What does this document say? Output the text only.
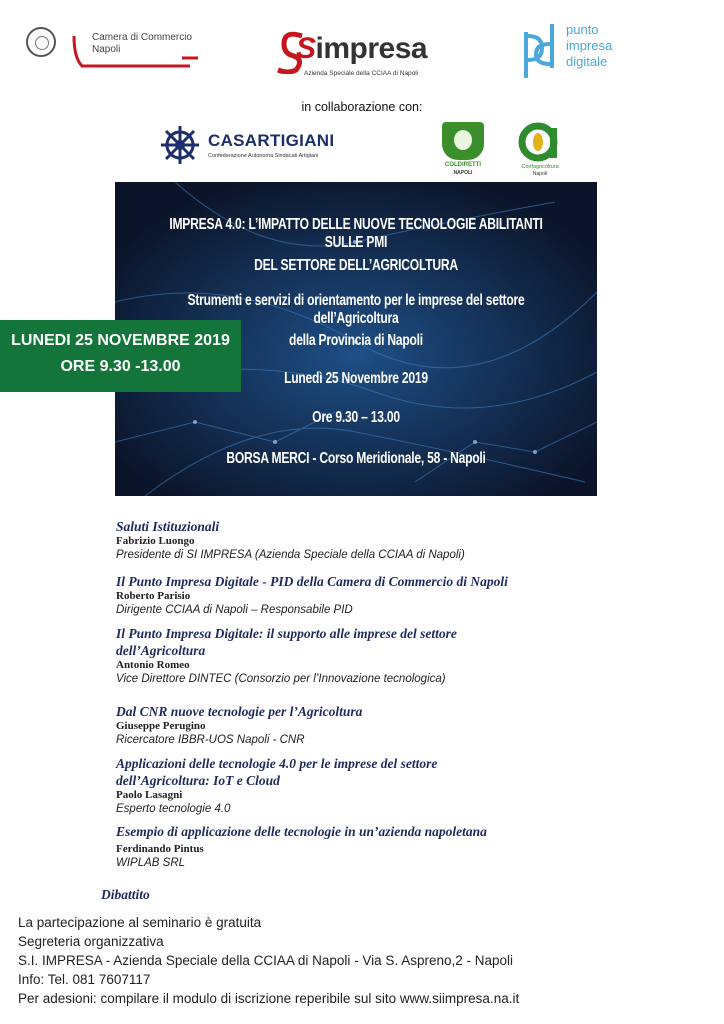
Camera di Commercio
Napoli	Simpresa
Azienda Speciale della CCIAA di Napoli
punto
impresa
digitale
in collaborazione con:
CASARTIGIANI
Confederazione Autonoma Sindacati Artigiani
COLDIRETTI
NAPOLI
Confagricoltura
Napoli
IMPRESA 4.0: L’IMPATTO DELLE NUOVE TECNOLOGIE ABILITANTI SULLE PMI
DEL SETTORE DELL’AGRICOLTURA
Strumenti e servizi di orientamento per le imprese del settore dell’Agricoltura
della Provincia di Napoli
Lunedì 25 Novembre 2019
Ore 9.30 – 13.00
BORSA MERCI - Corso Meridionale, 58 - Napoli
LUNEDI 25 NOVEMBRE 2019
ORE 9.30 -13.00
Saluti Istituzionali
Fabrizio Luongo
Presidente di SI IMPRESA (Azienda Speciale della CCIAA di Napoli)
Il Punto Impresa Digitale - PID della Camera di Commercio di Napoli
Roberto Parisio
Dirigente CCIAA di Napoli – Responsabile PID
Il Punto Impresa Digitale: il supporto alle imprese del settore
dell’Agricoltura
Antonio Romeo
Vice Direttore DINTEC (Consorzio per l’Innovazione tecnologica)
Dal CNR nuove tecnologie per l’Agricoltura
Giuseppe Perugino
Ricercatore IBBR-UOS Napoli - CNR
Applicazioni delle tecnologie 4.0 per le imprese del settore
dell’Agricoltura: IoT e Cloud
Paolo Lasagni
Esperto tecnologie 4.0
Esempio di applicazione delle tecnologie in un’azienda napoletana
Ferdinando Pintus
WIPLAB SRL
Dibattito
La partecipazione al seminario è gratuita
Segreteria organizzativa
S.I. IMPRESA - Azienda Speciale della CCIAA di Napoli - Via S. Aspreno,2 - Napoli
Info: Tel. 081 7607117
Per adesioni: compilare il modulo di iscrizione reperibile sul sito www.siimpresa.na.it
